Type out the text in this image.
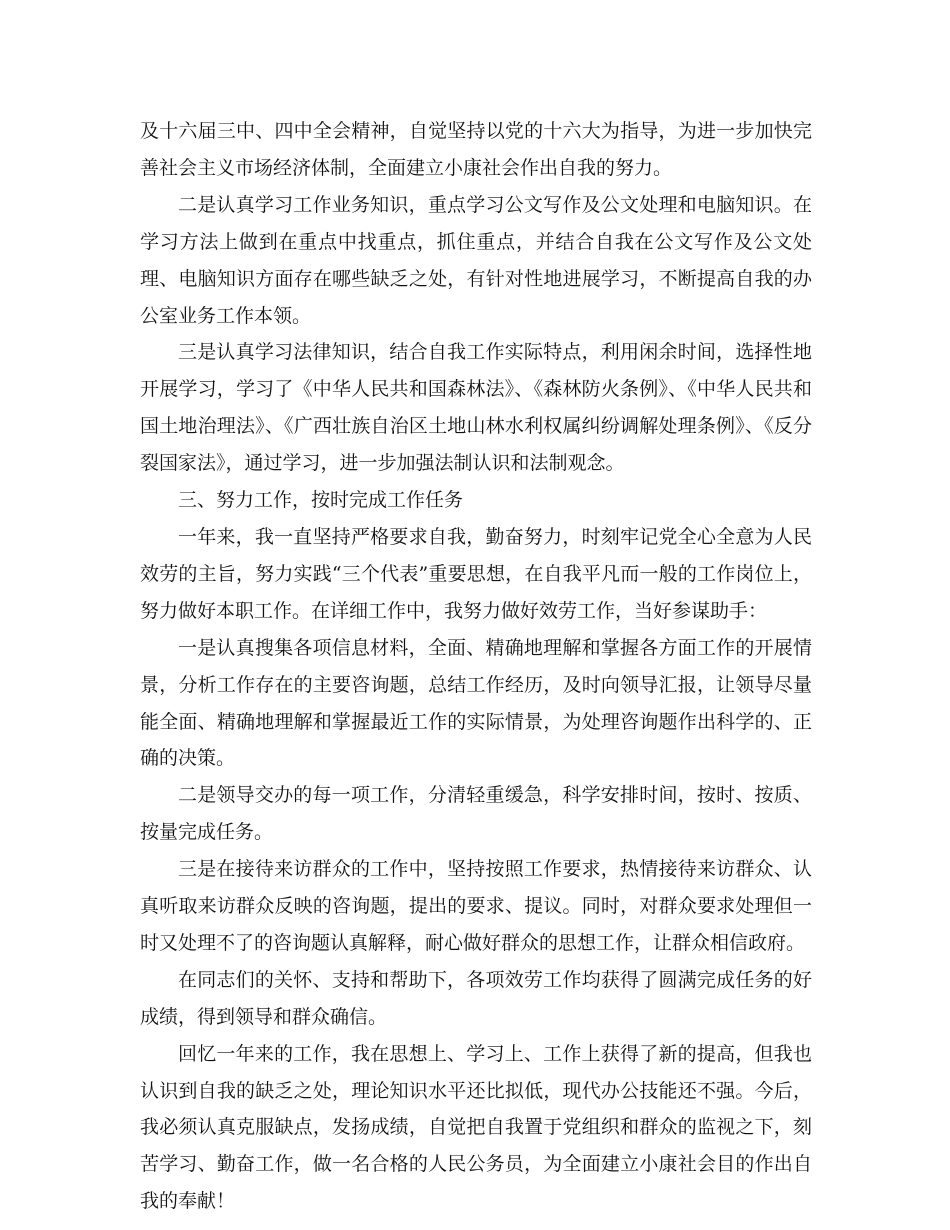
及十六届三中、四中全会精神，自觉坚持以党的十六大为指导，为进一步加快完善社会主义市场经济体制，全面建立小康社会作出自我的努力。

二是认真学习工作业务知识，重点学习公文写作及公文处理和电脑知识。在学习方法上做到在重点中找重点，抓住重点，并结合自我在公文写作及公文处理、电脑知识方面存在哪些缺乏之处，有针对性地进展学习，不断提高自我的办公室业务工作本领。

三是认真学习法律知识，结合自我工作实际特点，利用闲余时间，选择性地开展学习，学习了《中华人民共和国森林法》、《森林防火条例》、《中华人民共和国土地治理法》、《广西壮族自治区土地山林水利权属纠纷调解处理条例》、《反分裂国家法》，通过学习，进一步加强法制认识和法制观念。

三、努力工作，按时完成工作任务

一年来，我一直坚持严格要求自我，勤奋努力，时刻牢记党全心全意为人民效劳的主旨，努力实践“三个代表”重要思想，在自我平凡而一般的工作岗位上，努力做好本职工作。在详细工作中，我努力做好效劳工作，当好参谋助手：

一是认真搜集各项信息材料，全面、精确地理解和掌握各方面工作的开展情景，分析工作存在的主要咨询题，总结工作经历，及时向领导汇报，让领导尽量能全面、精确地理解和掌握最近工作的实际情景，为处理咨询题作出科学的、正确的决策。

二是领导交办的每一项工作，分清轻重缓急，科学安排时间，按时、按质、按量完成任务。

三是在接待来访群众的工作中，坚持按照工作要求，热情接待来访群众、认真听取来访群众反映的咨询题，提出的要求、提议。同时，对群众要求处理但一时又处理不了的咨询题认真解释，耐心做好群众的思想工作，让群众相信政府。

在同志们的关怀、支持和帮助下，各项效劳工作均获得了圆满完成任务的好成绩，得到领导和群众确信。

回忆一年来的工作，我在思想上、学习上、工作上获得了新的提高，但我也认识到自我的缺乏之处，理论知识水平还比拟低，现代办公技能还不强。今后，我必须认真克服缺点，发扬成绩，自觉把自我置于党组织和群众的监视之下，刻苦学习、勤奋工作，做一名合格的人民公务员，为全面建立小康社会目的作出自我的奉献！
